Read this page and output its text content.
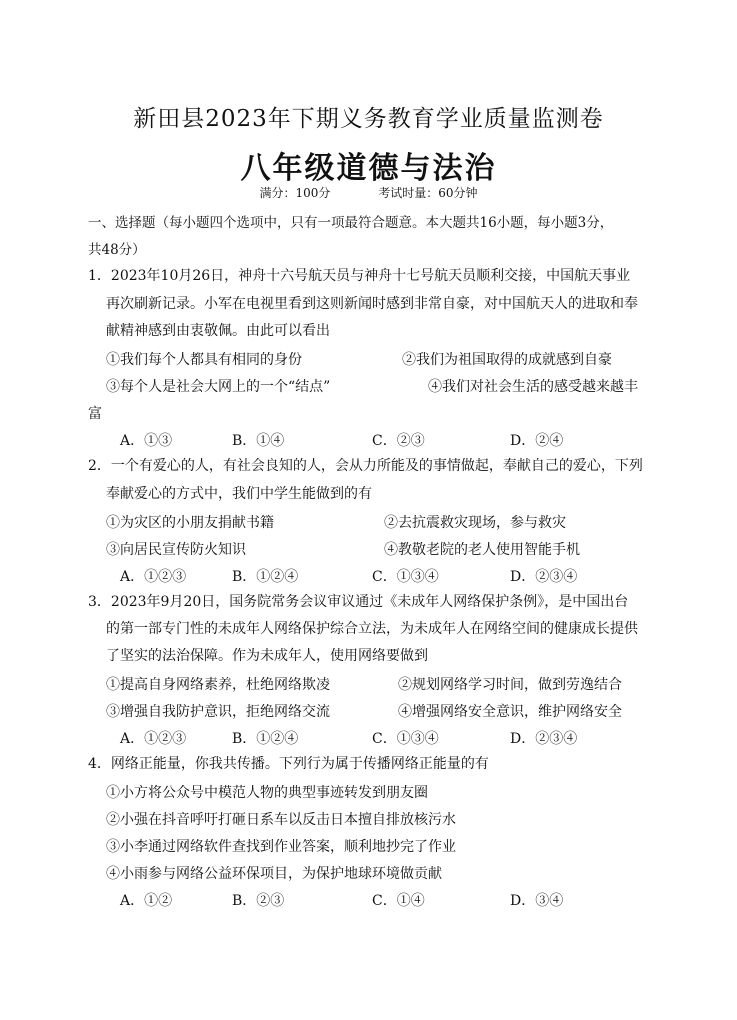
新田县2023年下期义务教育学业质量监测卷
八年级道德与法治
满分：100分	考试时量：60分钟
一、选择题（每小题四个选项中，只有一项最符合题意。本大题共16小题，每小题3分，
共48分）
1．2023年10月26日，神舟十六号航天员与神舟十七号航天员顺利交接，中国航天事业
再次刷新记录。小军在电视里看到这则新闻时感到非常自豪，对中国航天人的进取和奉
献精神感到由衷敬佩。由此可以看出
①我们每个人都具有相同的身份	②我们为祖国取得的成就感到自豪
③每个人是社会大网上的一个“结点”	④我们对社会生活的感受越来越丰
富
A．①③	B．①④	C．②③	D．②④
2．一个有爱心的人，有社会良知的人，会从力所能及的事情做起，奉献自己的爱心，下列
奉献爱心的方式中，我们中学生能做到的有
①为灾区的小朋友捐献书籍	②去抗震救灾现场，参与救灾
③向居民宣传防火知识	④教敬老院的老人使用智能手机
A．①②③	B．①②④	C．①③④	D．②③④
3．2023年9月20日，国务院常务会议审议通过《未成年人网络保护条例》，是中国出台
的第一部专门性的未成年人网络保护综合立法，为未成年人在网络空间的健康成长提供
了坚实的法治保障。作为未成年人，使用网络要做到
①提高自身网络素养，杜绝网络欺凌	②规划网络学习时间，做到劳逸结合
③增强自我防护意识，拒绝网络交流	④增强网络安全意识，维护网络安全
A．①②③	B．①②④	C．①③④	D．②③④
4．网络正能量，你我共传播。下列行为属于传播网络正能量的有
①小方将公众号中模范人物的典型事迹转发到朋友圈
②小强在抖音呼吁打砸日系车以反击日本擅自排放核污水
③小李通过网络软件查找到作业答案，顺利地抄完了作业
④小雨参与网络公益环保项目，为保护地球环境做贡献
A．①②	B．②③	C．①④	D．③④
